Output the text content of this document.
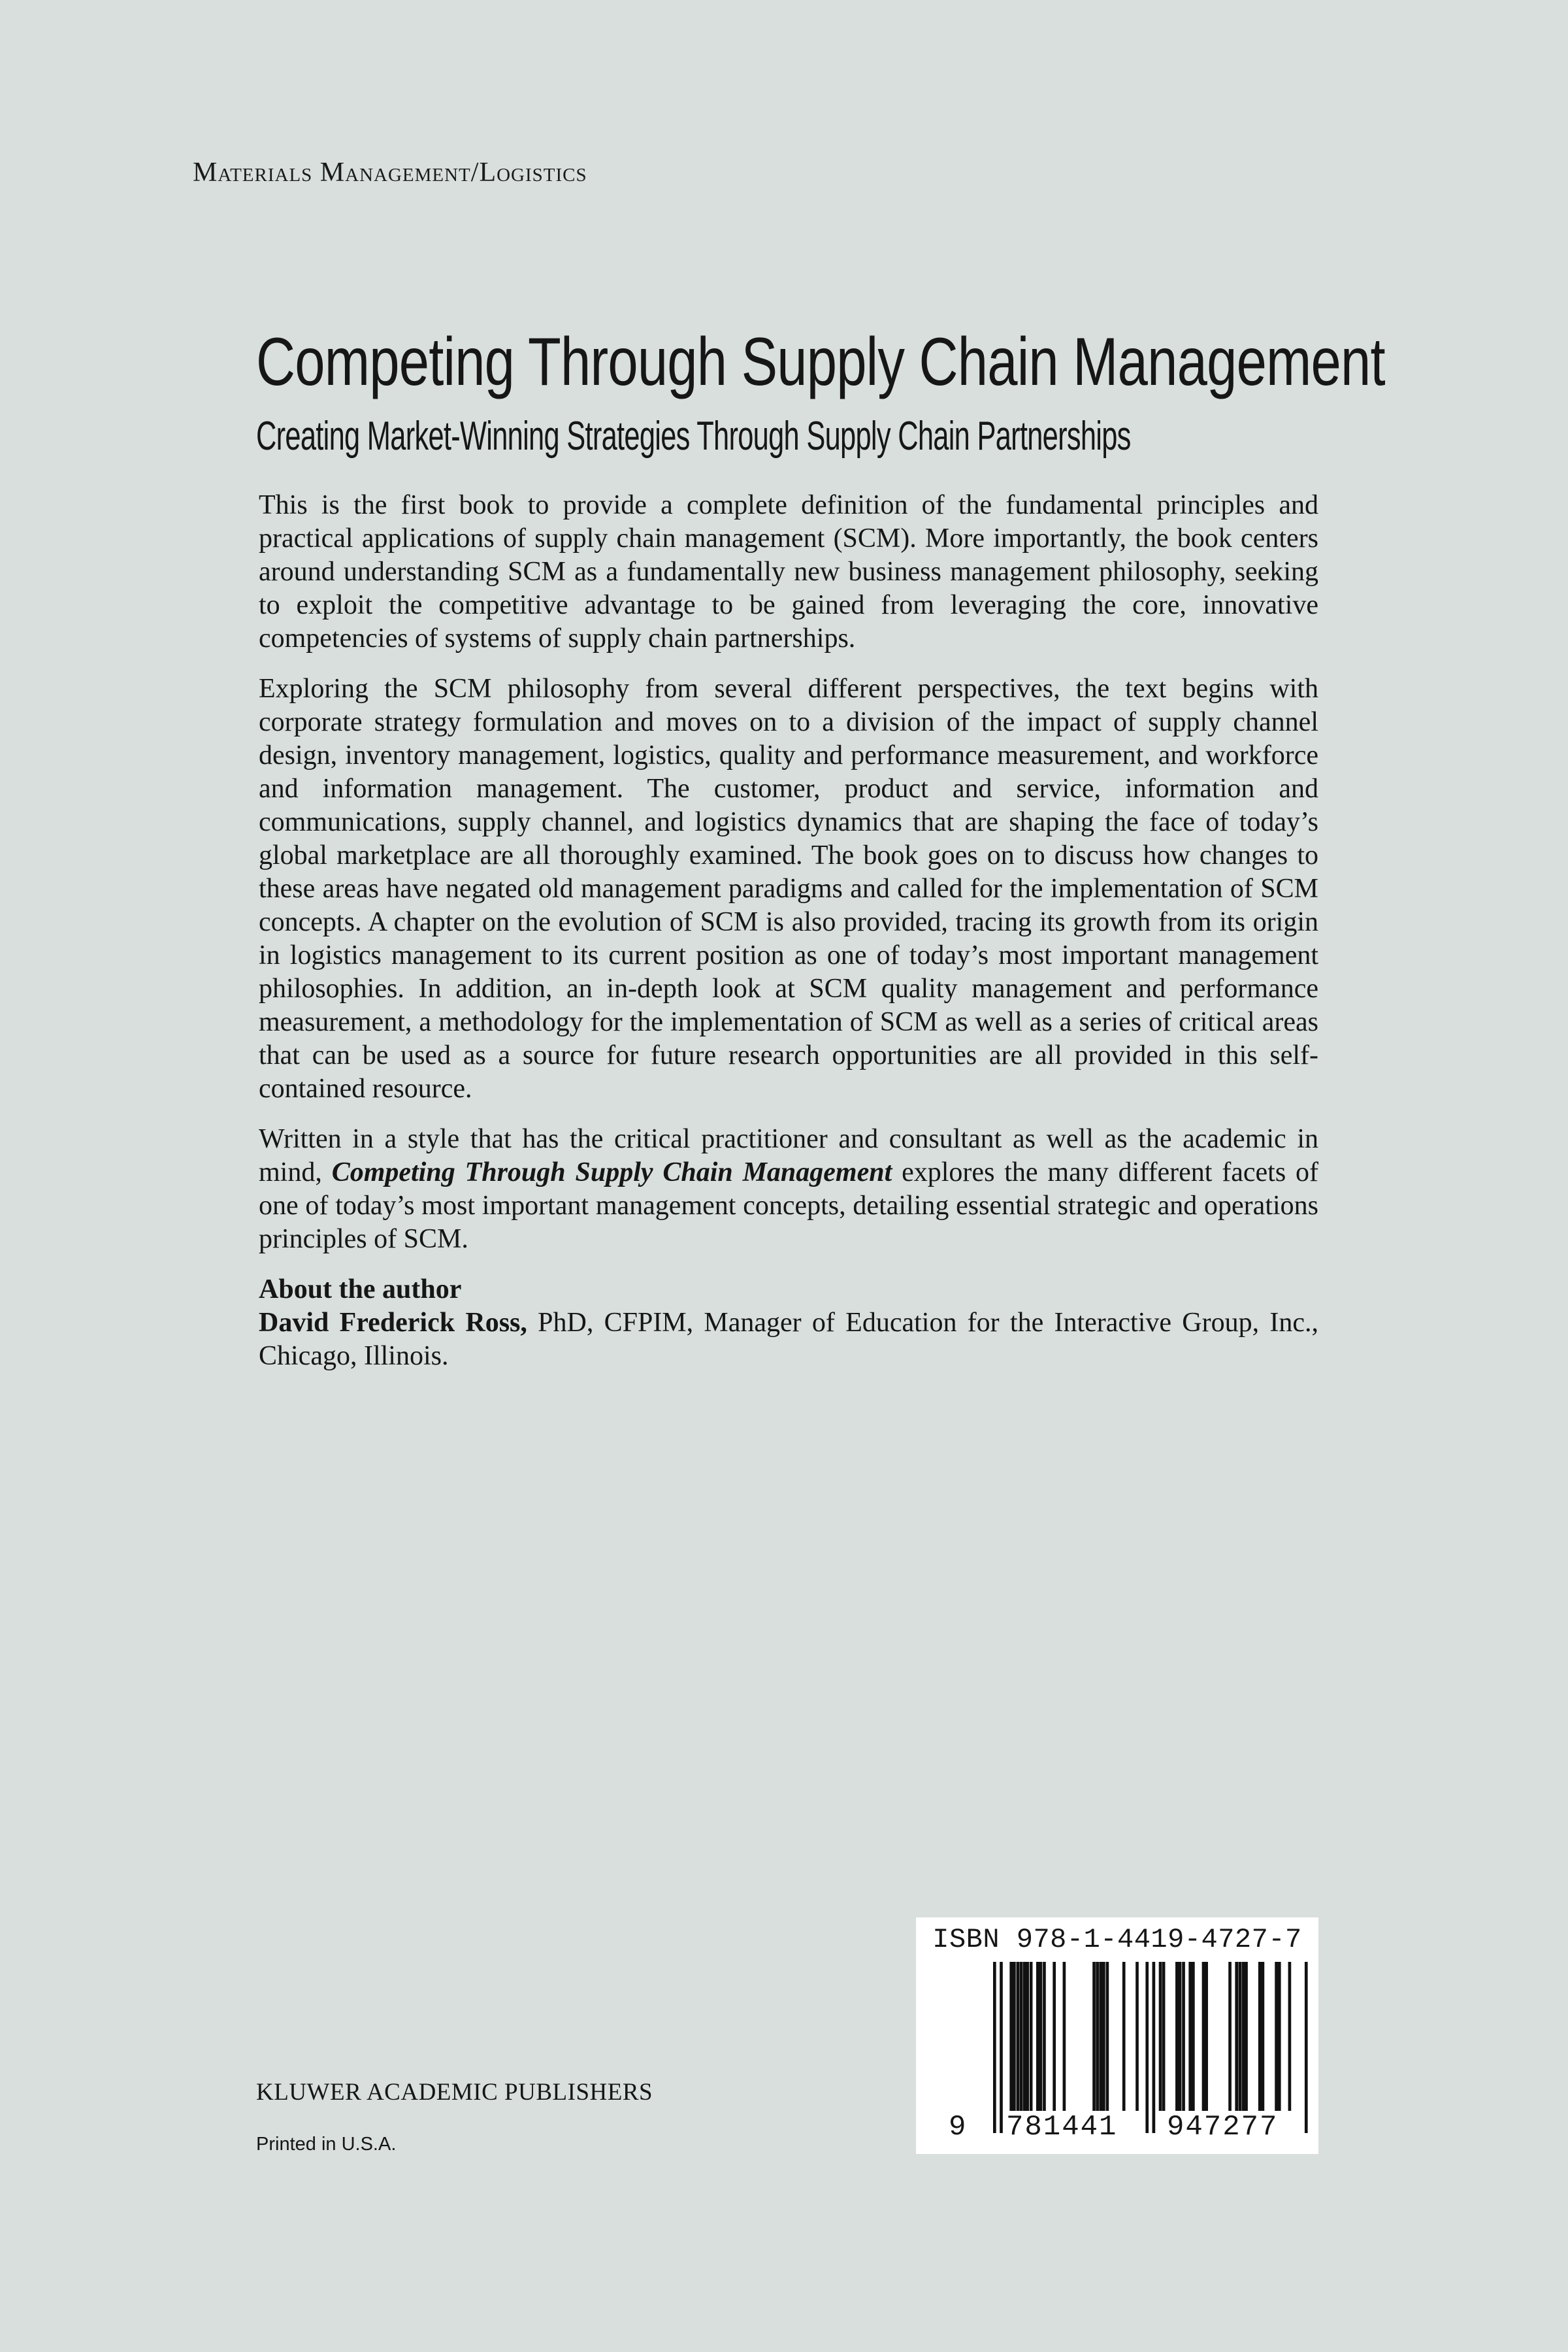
Materials Management/Logistics
Competing Through Supply Chain Management
Creating Market-Winning Strategies Through Supply Chain Partnerships

This is the first book to provide a complete definition of the fundamental principles and practical applications of supply chain management (SCM). More importantly, the book centers around understanding SCM as a fundamentally new business management philosophy, seeking to exploit the competitive advantage to be gained from leveraging the core, innovative competencies of systems of supply chain partnerships.

Exploring the SCM philosophy from several different perspectives, the text begins with corporate strategy formulation and moves on to a division of the impact of supply channel design, inventory management, logistics, quality and performance measurement, and workforce and information management. The customer, product and service, information and communications, supply channel, and logistics dynamics that are shaping the face of today’s global marketplace are all thoroughly examined. The book goes on to discuss how changes to these areas have negated old management paradigms and called for the implementation of SCM concepts. A chapter on the evolution of SCM is also provided, tracing its growth from its origin in logistics management to its current position as one of today’s most important management philosophies. In addition, an in-depth look at SCM quality management and performance measurement, a methodology for the implementation of SCM as well as a series of critical areas that can be used as a source for future research opportunities are all provided in this self-contained resource.

Written in a style that has the critical practitioner and consultant as well as the academic in mind, Competing Through Supply Chain Management explores the many different facets of one of today’s most important management concepts, detailing essential strategic and operations principles of SCM.

About the author
David Frederick Ross, PhD, CFPIM, Manager of Education for the Interactive Group, Inc., Chicago, Illinois.
KLUWER ACADEMIC PUBLISHERS
Printed in U.S.A.
ISBN 978-1-4419-4727-7
9 781441 947277
